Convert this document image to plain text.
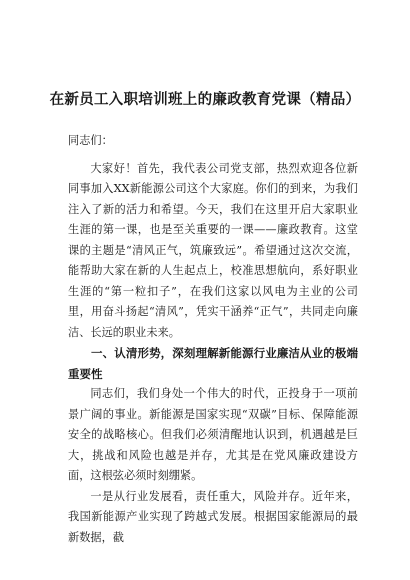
在新员工入职培训班上的廉政教育党课（精品）

同志们：

大家好！首先，我代表公司党支部，热烈欢迎各位新同事加入XX新能源公司这个大家庭。你们的到来，为我们注入了新的活力和希望。今天，我们在这里开启大家职业生涯的第一课，也是至关重要的一课——廉政教育。这堂课的主题是“清风正气，筑廉致远”。希望通过这次交流，能帮助大家在新的人生起点上，校准思想航向，系好职业生涯的“第一粒扣子”，在我们这家以风电为主业的公司里，用奋斗扬起“清风”，凭实干涵养“正气”，共同走向廉洁、长远的职业未来。

一、认清形势，深刻理解新能源行业廉洁从业的极端重要性

同志们，我们身处一个伟大的时代，正投身于一项前景广阔的事业。新能源是国家实现“双碳”目标、保障能源安全的战略核心。但我们必须清醒地认识到，机遇越是巨大，挑战和风险也越是并存，尤其是在党风廉政建设方面，这根弦必须时刻绷紧。

一是从行业发展看，责任重大，风险并存。近年来，我国新能源产业实现了跨越式发展。根据国家能源局的最新数据，截
